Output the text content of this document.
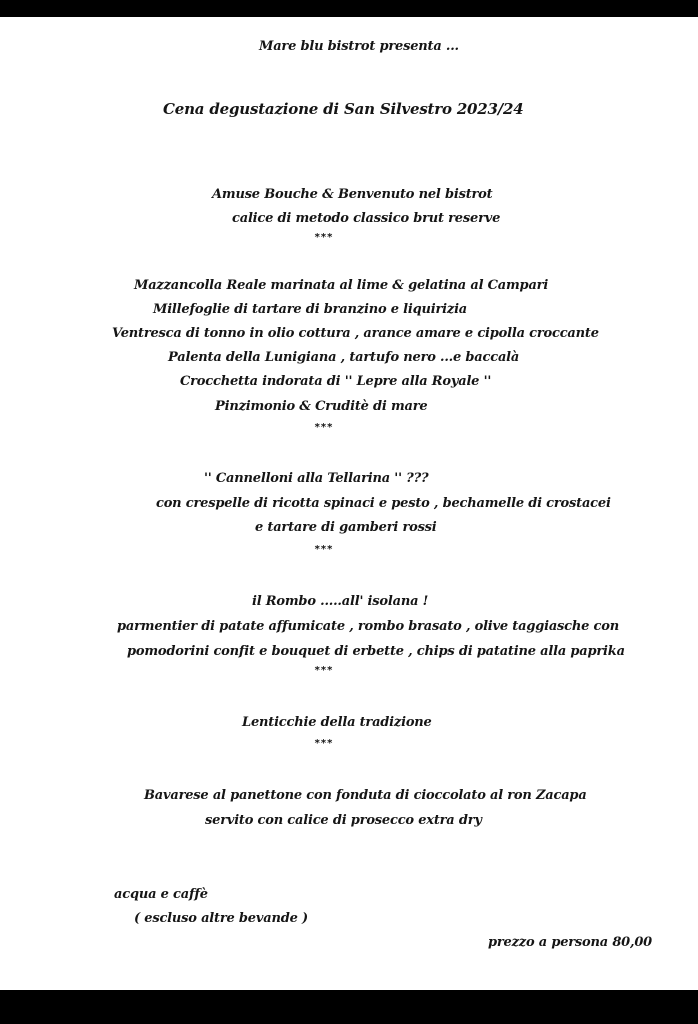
Mare blu bistrot presenta ...
Cena degustazione di San Silvestro 2023/24
Amuse Bouche & Benvenuto nel bistrot
calice di metodo classico brut reserve
***
Mazzancolla Reale marinata al lime & gelatina al Campari
Millefoglie di tartare di branzino e liquirizia
Ventresca di tonno in olio cottura , arance amare e cipolla croccante
Palenta della Lunigiana , tartufo nero ...e baccalà
Crocchetta indorata di '' Lepre alla Royale ''
Pinzimonio & Cruditè di mare
***
'' Cannelloni alla Tellarina '' ???
con crespelle di ricotta spinaci e pesto , bechamelle di crostacei
e tartare di gamberi rossi
***
il Rombo .....all' isolana !
parmentier di patate affumicate , rombo brasato , olive taggiasche con
pomodorini confit e bouquet di erbette , chips di patatine alla paprika
***
Lenticchie della tradizione
***
Bavarese al panettone con fonduta di cioccolato al ron Zacapa
servito con calice di prosecco extra dry
acqua e caffè
( escluso altre bevande )
prezzo a persona 80,00
